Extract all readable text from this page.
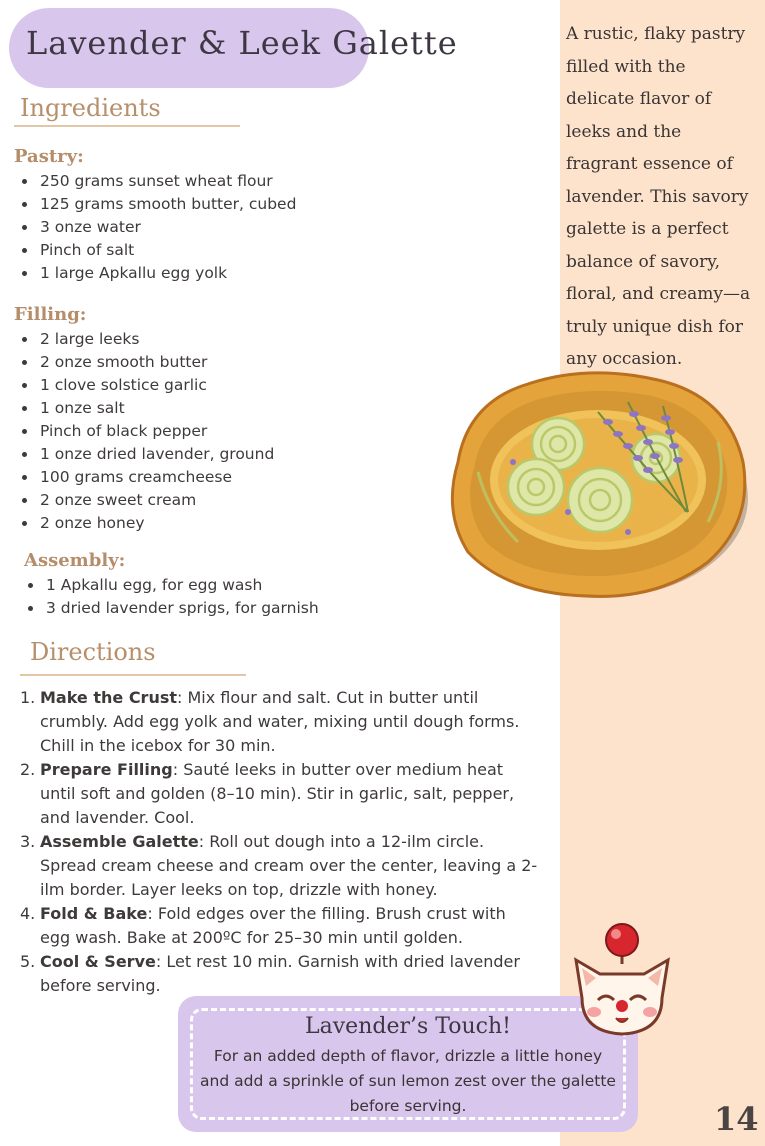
Lavender & Leek Galette
Ingredients
Pastry:
250 grams sunset wheat flour
125 grams smooth butter, cubed
3 onze water
Pinch of salt
1 large Apkallu egg yolk
Filling:
2 large leeks
2 onze smooth butter
1 clove solstice garlic
1 onze salt
Pinch of black pepper
1 onze dried lavender, ground
100 grams creamcheese
2 onze sweet cream
2 onze honey
Assembly:
1 Apkallu egg, for egg wash
3 dried lavender sprigs, for garnish
Directions
1. Make the Crust: Mix flour and salt. Cut in butter until crumbly. Add egg yolk and water, mixing until dough forms. Chill in the icebox for 30 min.
2. Prepare Filling: Sauté leeks in butter over medium heat until soft and golden (8–10 min). Stir in garlic, salt, pepper, and lavender. Cool.
3. Assemble Galette: Roll out dough into a 12-ilm circle. Spread cream cheese and cream over the center, leaving a 2-ilm border. Layer leeks on top, drizzle with honey.
4. Fold & Bake: Fold edges over the filling. Brush crust with egg wash. Bake at 200ºC for 25–30 min until golden.
5. Cool & Serve: Let rest 10 min. Garnish with dried lavender before serving.

A rustic, flaky pastry filled with the delicate flavor of leeks and the fragrant essence of lavender. This savory galette is a perfect balance of savory, floral, and creamy—a truly unique dish for any occasion.

Lavender’s Touch!

For an added depth of flavor, drizzle a little honey and add a sprinkle of sun lemon zest over the galette before serving.	14
